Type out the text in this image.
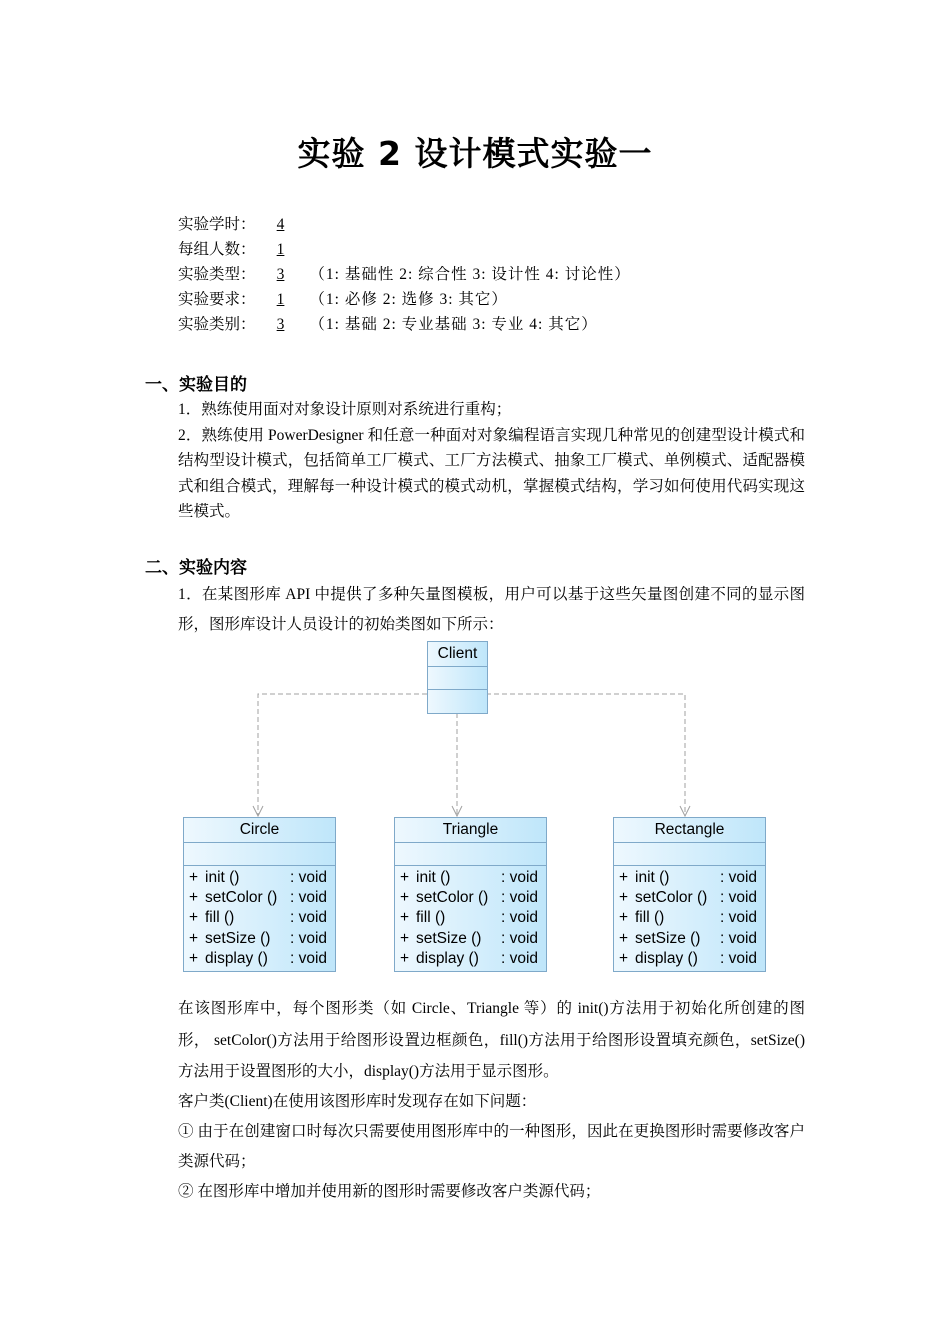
实验 2 设计模式实验一
实验学时： 4
每组人数： 1
实验类型： 3 （1: 基础性 2: 综合性 3: 设计性 4: 讨论性）
实验要求： 1 （1: 必修 2: 选修 3: 其它）
实验类别： 3 （1: 基础 2: 专业基础 3: 专业 4: 其它）
一、实验目的
1．熟练使用面对对象设计原则对系统进行重构；
2．熟练使用 PowerDesigner 和任意一种面对对象编程语言实现几种常见的创建型设计模式和结构型设计模式，包括简单工厂模式、工厂方法模式、抽象工厂模式、单例模式、适配器模式和组合模式，理解每一种设计模式的模式动机，掌握模式结构，学习如何使用代码实现这些模式。
二、实验内容
1．在某图形库 API 中提供了多种矢量图模板，用户可以基于这些矢量图创建不同的显示图形，图形库设计人员设计的初始类图如下所示：
Client
Circle
+ init ()	: void
+ setColor () : void
+ fill ()	: void
+ setSize () : void
+ display () : void
Triangle
+ init ()	: void
+ setColor () : void
+ fill ()	: void
+ setSize () : void
+ display () : void
Rectangle
+ init ()	: void
+ setColor () : void
+ fill ()	: void
+ setSize () : void
+ display () : void
在该图形库中，每个图形类（如 Circle、Triangle 等）的 init()方法用于初始化所创建的图形， setColor()方法用于给图形设置边框颜色，fill()方法用于给图形设置填充颜色，setSize()方法用于设置图形的大小，display()方法用于显示图形。
客户类(Client)在使用该图形库时发现存在如下问题：
① 由于在创建窗口时每次只需要使用图形库中的一种图形，因此在更换图形时需要修改客户类源代码；
② 在图形库中增加并使用新的图形时需要修改客户类源代码；
